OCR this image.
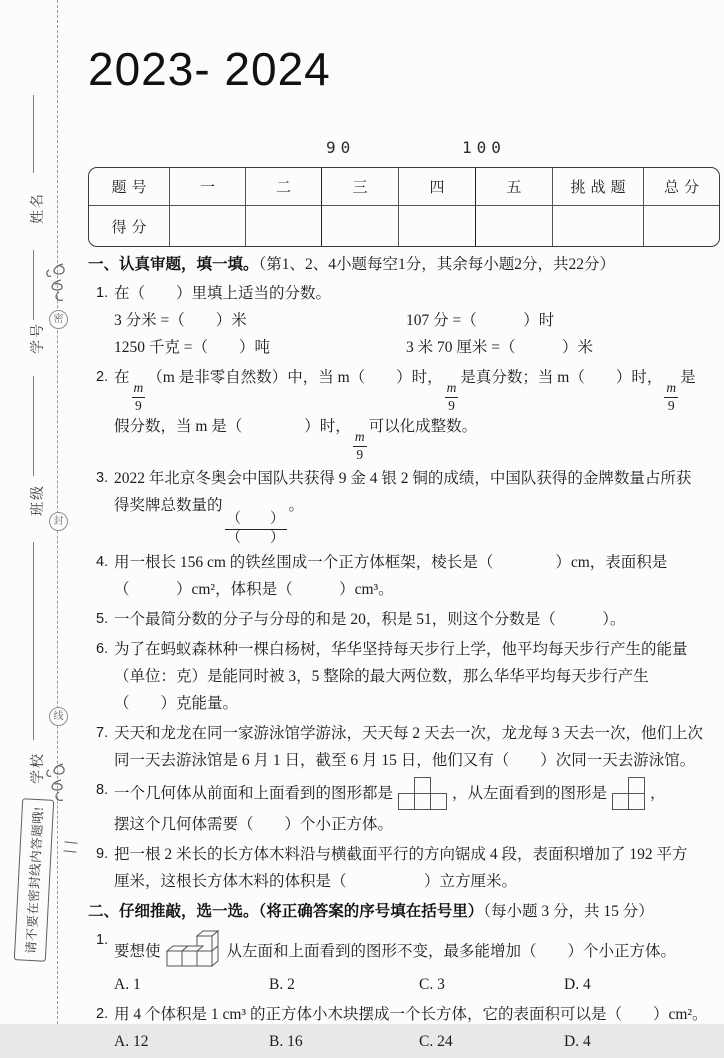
姓名
学号
班级
学校
密
封
线
请不要在密封线内答题哦!
2023- 2024
90	100
题号	一	二	三	四	五	挑战题	总分
得分
一、认真审题，填一填。（第1、2、4小题每空1分，其余每小题2分，共22分）
1. 在（　　）里填上适当的分数。
3 分米 =（　　）米	107 分 =（　　　）时
1250 千克 =（　　）吨	3 米 70 厘米 =（　　　）米
2. 在
$\frac{m}{9}$
（m 是非零自然数）中，当 m（　　）时，
$\frac{m}{9}$
是真分数；当 m（　　）时，
$\frac{m}{9}$
是
假分数，当 m 是（　　　　）时，
$\frac{m}{9}$
可以化成整数。
3. 2022 年北京冬奥会中国队共获得 9 金 4 银 2 铜的成绩，中国队获得的金牌数量占所获
得奖牌总数量的
$\frac{( )}{( )}$
。
4. 用一根长 156 cm 的铁丝围成一个正方体框架，棱长是（　　　　）cm，表面积是
（　　　）cm²，体积是（　　　）cm³。
5. 一个最简分数的分子与分母的和是 20，积是 51，则这个分数是（　　　）。
6. 为了在蚂蚁森林种一棵白杨树，华华坚持每天步行上学，他平均每天步行产生的能量
（单位：克）是能同时被 3，5 整除的最大两位数，那么华华平均每天步行产生
（　　）克能量。
7. 天天和龙龙在同一家游泳馆学游泳，天天每 2 天去一次，龙龙每 3 天去一次，他们上次
同一天去游泳馆是 6 月 1 日，截至 6 月 15 日，他们又有（　　）次同一天去游泳馆。
8. 一个几何体从前面和上面看到的图形都是	，从左面看到的图形是	，
摆这个几何体需要（　　）个小正方体。
9. 把一根 2 米长的长方体木料沿与横截面平行的方向锯成 4 段，表面积增加了 192 平方
厘米，这根长方体木料的体积是（　　　　　）立方厘米。
二、仔细推敲，选一选。（将正确答案的序号填在括号里）（每小题 3 分，共 15 分）
1.
要想使	从左面和上面看到的图形不变，最多能增加（　　）个小正方体。
A. 1	B. 2	C. 3	D. 4
2. 用 4 个体积是 1 cm³ 的正方体小木块摆成一个长方体，它的表面积可以是（　　）cm²。
A. 12	B. 16	C. 24	D. 4
